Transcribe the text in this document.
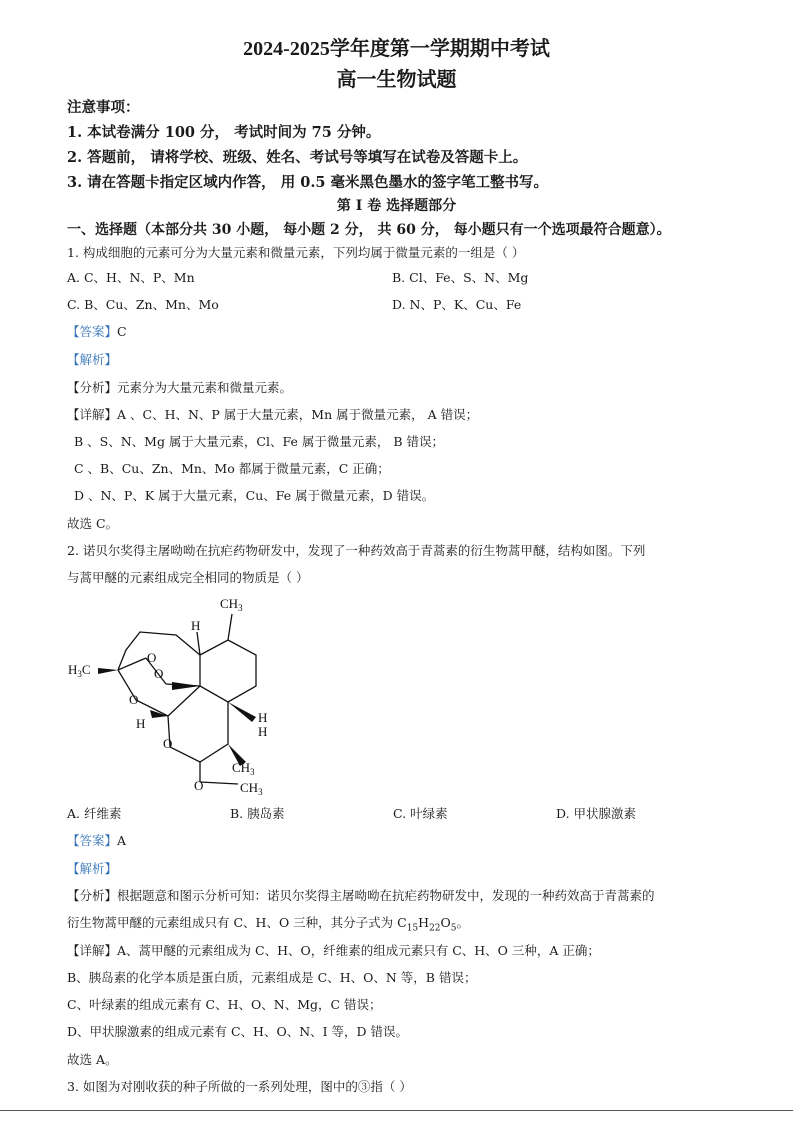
2024-2025学年度第一学期期中考试
高一生物试题
注意事项：
1. 本试卷满分 100 分， 考试时间为 75 分钟。
2. 答题前， 请将学校、班级、姓名、考试号等填写在试卷及答题卡上。
3. 请在答题卡指定区域内作答， 用 0.5 毫米黑色墨水的签字笔工整书写。
第 I 卷 选择题部分
一、选择题（本部分共 30 小题， 每小题 2 分， 共 60 分， 每小题只有一个选项最符合题意）。
1. 构成细胞的元素可分为大量元素和微量元素，下列均属于微量元素的一组是（ ）
A. C、H、N、P、Mn	B. Cl、Fe、S、N、Mg
C. B、Cu、Zn、Mn、Mo	D. N、P、K、Cu、Fe
【答案】C
【解析】
【分析】元素分为大量元素和微量元素。
【详解】A 、C、H、N、P 属于大量元素，Mn 属于微量元素， A 错误；
B 、S、N、Mg 属于大量元素，Cl、Fe 属于微量元素， B 错误；
C 、B、Cu、Zn、Mn、Mo 都属于微量元素，C 正确；
D 、N、P、K 属于大量元素，Cu、Fe 属于微量元素，D 错误。
故选 C。
2. 诺贝尔奖得主屠呦呦在抗疟药物研发中，发现了一种药效高于青蒿素的衍生物蒿甲醚，结构如图。下列
与蒿甲醚的元素组成完全相同的物质是（ ）
$CH_3$
H
$H_3C$
O
O
O
H	H
H
O
$CH_3$
O	$CH_3$
A. 纤维素	B. 胰岛素	C. 叶绿素	D. 甲状腺激素
【答案】A
【解析】
【分析】根据题意和图示分析可知：诺贝尔奖得主屠呦呦在抗疟药物研发中，发现的一种药效高于青蒿素的
衍生物蒿甲醚的元素组成只有 C、H、O 三种，其分子式为 $C_{15}H_{22}O_5$。
【详解】A、蒿甲醚的元素组成为 C、H、O，纤维素的组成元素只有 C、H、O 三种，A 正确；
B、胰岛素的化学本质是蛋白质，元素组成是 C、H、O、N 等，B 错误；
C、叶绿素的组成元素有 C、H、O、N、Mg，C 错误；
D、甲状腺激素的组成元素有 C、H、O、N、I 等，D 错误。
故选 A。
3. 如图为对刚收获的种子所做的一系列处理，图中的③指（ ）
